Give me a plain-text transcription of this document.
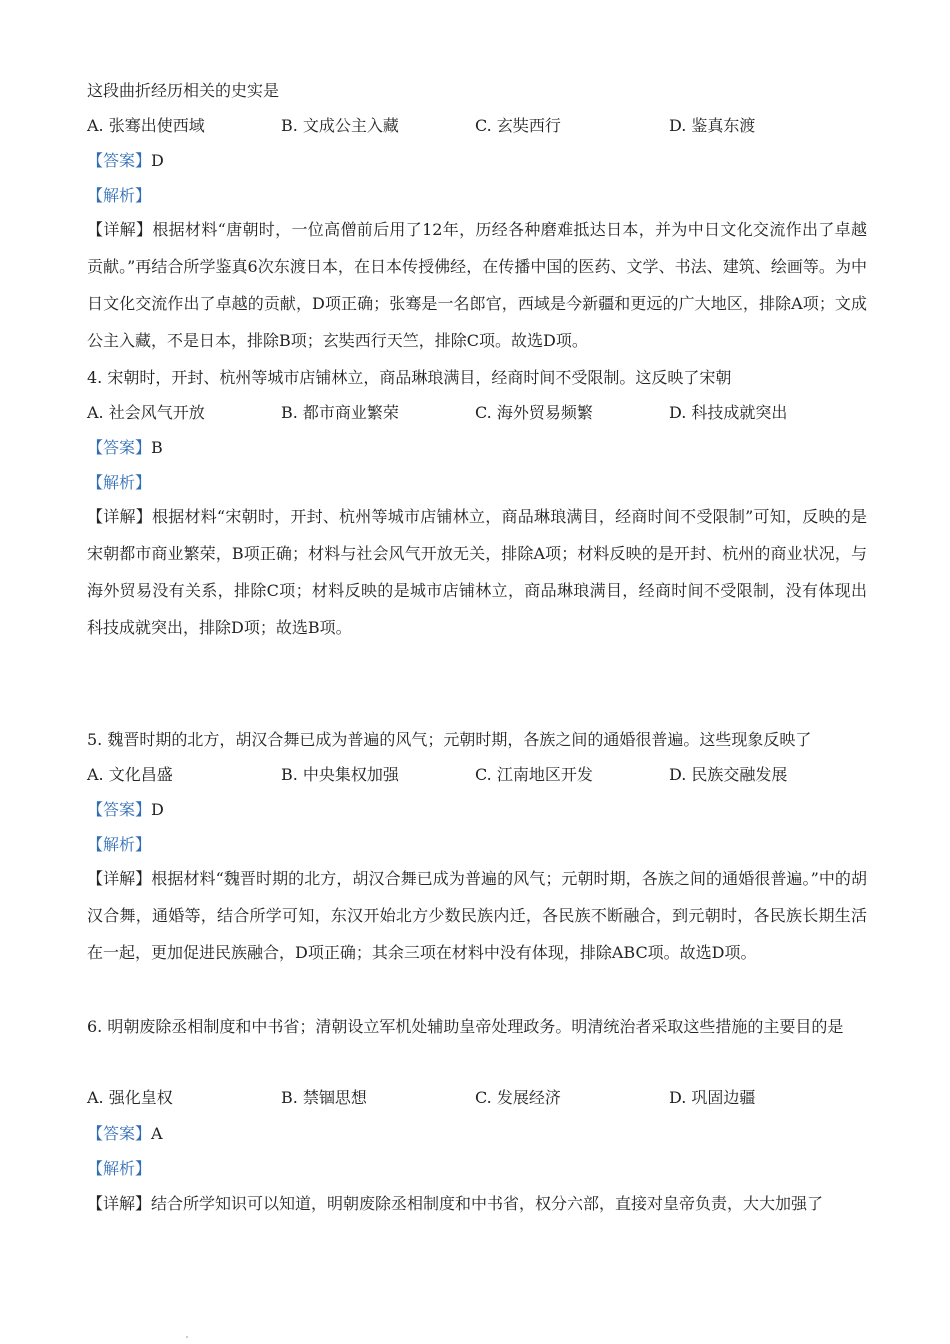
这段曲折经历相关的史实是
A. 张骞出使西域	B. 文成公主入藏	C. 玄奘西行	D. 鉴真东渡
【答案】D
【解析】
【详解】根据材料“唐朝时，一位高僧前后用了12年，历经各种磨难抵达日本，并为中日文化交流作出了卓越贡献。”再结合所学鉴真6次东渡日本，在日本传授佛经，在传播中国的医药、文学、书法、建筑、绘画等。为中日文化交流作出了卓越的贡献，D项正确；张骞是一名郎官，西域是今新疆和更远的广大地区，排除A项；文成公主入藏，不是日本，排除B项；玄奘西行天竺，排除C项。故选D项。
4. 宋朝时，开封、杭州等城市店铺林立，商品琳琅满目，经商时间不受限制。这反映了宋朝
A. 社会风气开放	B. 都市商业繁荣	C. 海外贸易频繁	D. 科技成就突出
【答案】B
【解析】
【详解】根据材料“宋朝时，开封、杭州等城市店铺林立，商品琳琅满目，经商时间不受限制”可知，反映的是宋朝都市商业繁荣，B项正确；材料与社会风气开放无关，排除A项；材料反映的是开封、杭州的商业状况，与海外贸易没有关系，排除C项；材料反映的是城市店铺林立，商品琳琅满目，经商时间不受限制，没有体现出科技成就突出，排除D项；故选B项。
5. 魏晋时期的北方，胡汉合舞已成为普遍的风气；元朝时期，各族之间的通婚很普遍。这些现象反映了
A. 文化昌盛	B. 中央集权加强	C. 江南地区开发	D. 民族交融发展
【答案】D
【解析】
【详解】根据材料“魏晋时期的北方，胡汉合舞已成为普遍的风气；元朝时期，各族之间的通婚很普遍。”中的胡汉合舞，通婚等，结合所学可知，东汉开始北方少数民族内迁，各民族不断融合，到元朝时，各民族长期生活在一起，更加促进民族融合，D项正确；其余三项在材料中没有体现，排除ABC项。故选D项。
6. 明朝废除丞相制度和中书省；清朝设立军机处辅助皇帝处理政务。明清统治者采取这些措施的主要目的是
A. 强化皇权	B. 禁锢思想	C. 发展经济	D. 巩固边疆
【答案】A
【解析】
【详解】结合所学知识可以知道，明朝废除丞相制度和中书省，权分六部，直接对皇帝负责，大大加强了
